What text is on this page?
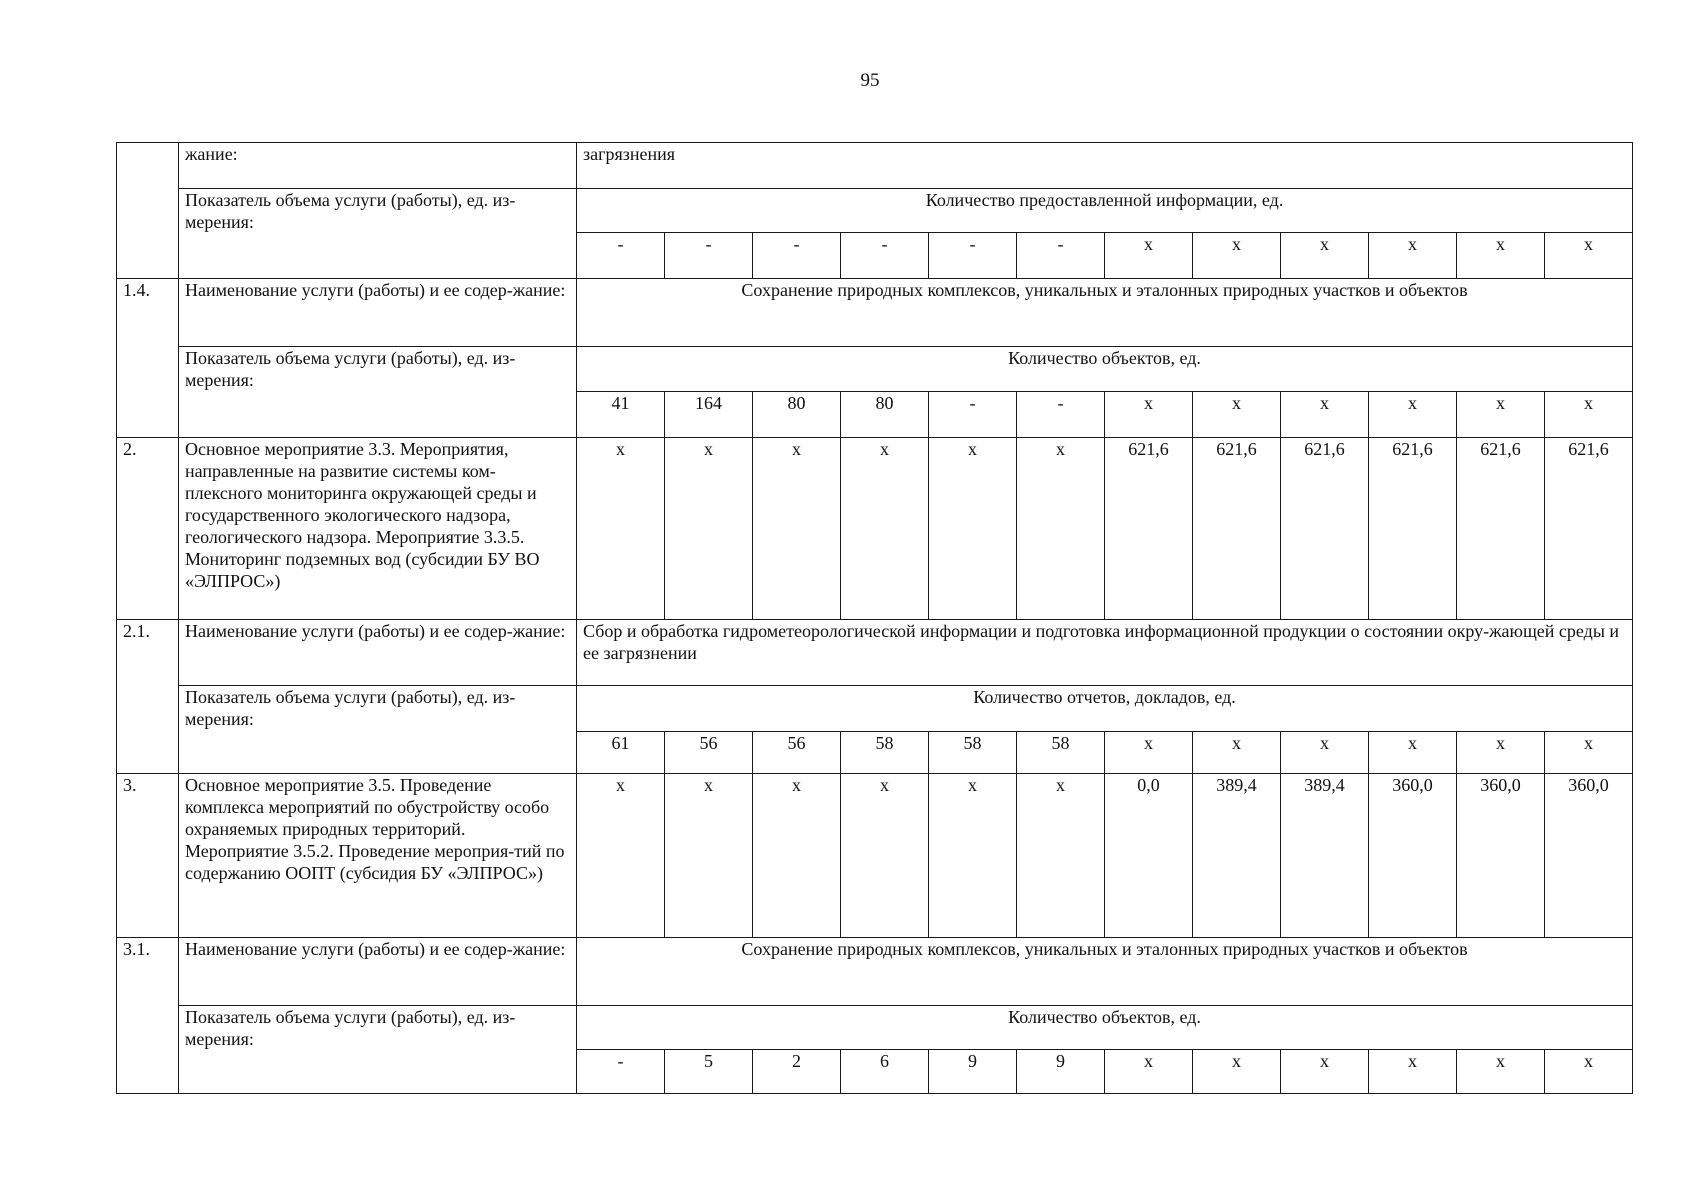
95
	жание:	загрязнения											
	Показатель объема услуги (работы), ед. из-мерения:	Количество предоставленной информации, ед.											
		-	-	-	-	-	-	x	x	x	x	x	x
1.4.	Наименование услуги (работы) и ее содер-жание:	Сохранение природных комплексов, уникальных и эталонных природных участков и объектов											
	Показатель объема услуги (работы), ед. из-мерения:	Количество объектов, ед.											
		41	164	80	80	-	-	x	x	x	x	x	x
2.	Основное мероприятие 3.3. Мероприятия, направленные на развитие системы ком-плексного мониторинга окружающей среды и государственного экологического надзора, геологического надзора. Мероприятие 3.3.5. Мониторинг подземных вод (субсидии БУ ВО «ЭЛПРОС»)	x	x	x	x	x	x	621,6	621,6	621,6	621,6	621,6	621,6
2.1.	Наименование услуги (работы) и ее содер-жание:	Сбор и обработка гидрометеорологической информации и подготовка информационной продукции о состоянии окру-жающей среды и ее загрязнении											
	Показатель объема услуги (работы), ед. из-мерения:	Количество отчетов, докладов, ед.											
		61	56	56	58	58	58	x	x	x	x	x	x
3.	Основное мероприятие 3.5. Проведение комплекса мероприятий по обустройству особо охраняемых природных территорий. Мероприятие 3.5.2. Проведение мероприя-тий по содержанию ООПТ (субсидия БУ «ЭЛПРОС»)	x	x	x	x	x	x	0,0	389,4	389,4	360,0	360,0	360,0
3.1.	Наименование услуги (работы) и ее содер-жание:	Сохранение природных комплексов, уникальных и эталонных природных участков и объектов											
	Показатель объема услуги (работы), ед. из-мерения:	Количество объектов, ед.											
		-	5	2	6	9	9	x	x	x	x	x	x
